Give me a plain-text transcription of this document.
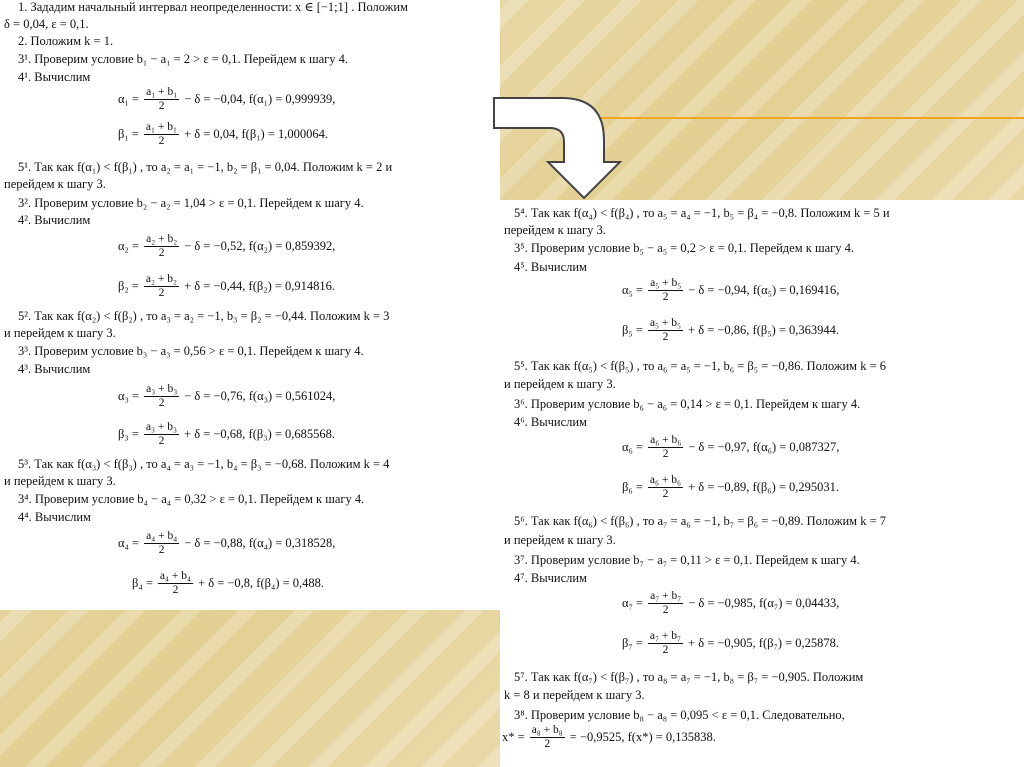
1. Зададим начальный интервал неопределенности: x ∈ [−1;1] . Положим
δ = 0,04, ε = 0,1.
2. Положим k = 1.
3¹. Проверим условие b₁ − a₁ = 2 > ε = 0,1. Перейдем к шагу 4.
4¹. Вычислим
5¹. Так как f(α₁) < f(β₁) , то a₂ = a₁ = −1, b₂ = β₁ = 0,04. Положим k = 2 и
перейдем к шагу 3.
3². Проверим условие b₂ − a₂ = 1,04 > ε = 0,1. Перейдем к шагу 4.
4². Вычислим
5². Так как f(α₂) < f(β₂) , то a₃ = a₂ = −1, b₃ = β₂ = −0,44. Положим k = 3
и перейдем к шагу 3.
3³. Проверим условие b₃ − a₃ = 0,56 > ε = 0,1. Перейдем к шагу 4.
4³. Вычислим
5³. Так как f(α₃) < f(β₃) , то a₄ = a₃ = −1, b₄ = β₃ = −0,68. Положим k = 4
и перейдем к шагу 3.
3⁴. Проверим условие b₄ − a₄ = 0,32 > ε = 0,1. Перейдем к шагу 4.
4⁴. Вычислим
$\alpha_1 = \frac{\text{a₁ + b₁}}{2} - \delta = -0,04$, f(α₁) = 0,999939,
$\beta_1 = \frac{\text{a₁ + b₁}}{2} + \delta = 0,04$, f(β₁) = 1,000064.
$\alpha_2 = \frac{\text{a₂ + b₂}}{2} - \delta = -0,52$, f(α₂) = 0,859392,
$\beta_2 = \frac{\text{a₂ + b₂}}{2} + \delta = -0,44$, f(β₂) = 0,914816.
$\alpha_3 = \frac{\text{a₃ + b₃}}{2} - \delta = -0,76$, f(α₃) = 0,561024,
$\beta_3 = \frac{\text{a₃ + b₃}}{2} + \delta = -0,68$, f(β₃) = 0,685568.
$\alpha_4 = \frac{\text{a₄ + b₄}}{2} - \delta = -0,88$, f(α₄) = 0,318528,
$\beta_4 = \frac{\text{a₄ + b₄}}{2} + \delta = -0,8$, f(β₄) = 0,488.
5⁴. Так как f(α₄) < f(β₄) , то a₅ = a₄ = −1, b₅ = β₄ = −0,8. Положим k = 5 и
перейдем к шагу 3.
3⁵. Проверим условие b₅ − a₅ = 0,2 > ε = 0,1. Перейдем к шагу 4.
4⁵. Вычислим
5⁵. Так как f(α₅) < f(β₅) , то a₆ = a₅ = −1, b₆ = β₅ = −0,86. Положим k = 6
и перейдем к шагу 3.
3⁶. Проверим условие b₆ − a₆ = 0,14 > ε = 0,1. Перейдем к шагу 4.
4⁶. Вычислим
5⁶. Так как f(α₆) < f(β₆) , то a₇ = a₆ = −1, b₇ = β₆ = −0,89. Положим k = 7
и перейдем к шагу 3.
3⁷. Проверим условие b₇ − a₇ = 0,11 > ε = 0,1. Перейдем к шагу 4.
4⁷. Вычислим
5⁷. Так как f(α₇) < f(β₇) , то a₈ = a₇ = −1, b₈ = β₇ = −0,905. Положим
k = 8 и перейдем к шагу 3.
3⁸. Проверим условие b₈ − a₈ = 0,095 < ε = 0,1. Следовательно,
$\alpha_5 = \frac{\text{a₅ + b₅}}{2} - \delta = -0,94$, f(α₅) = 0,169416,
$\beta_5 = \frac{\text{a₅ + b₅}}{2} + \delta = -0,86$, f(β₅) = 0,363944.
$\alpha_6 = \frac{\text{a₆ + b₆}}{2} - \delta = -0,97$, f(α₆) = 0,087327,
$\beta_6 = \frac{\text{a₆ + b₆}}{2} + \delta = -0,89$, f(β₆) = 0,295031.
$\alpha_7 = \frac{\text{a₇ + b₇}}{2} - \delta = -0,985$, f(α₇) = 0,04433,
$\beta_7 = \frac{\text{a₇ + b₇}}{2} + \delta = -0,905$, f(β₇) = 0,25878.
$x* = \frac{\text{a₈ + b₈}}{2} = -0,9525$, f(x*) = 0,135838.
